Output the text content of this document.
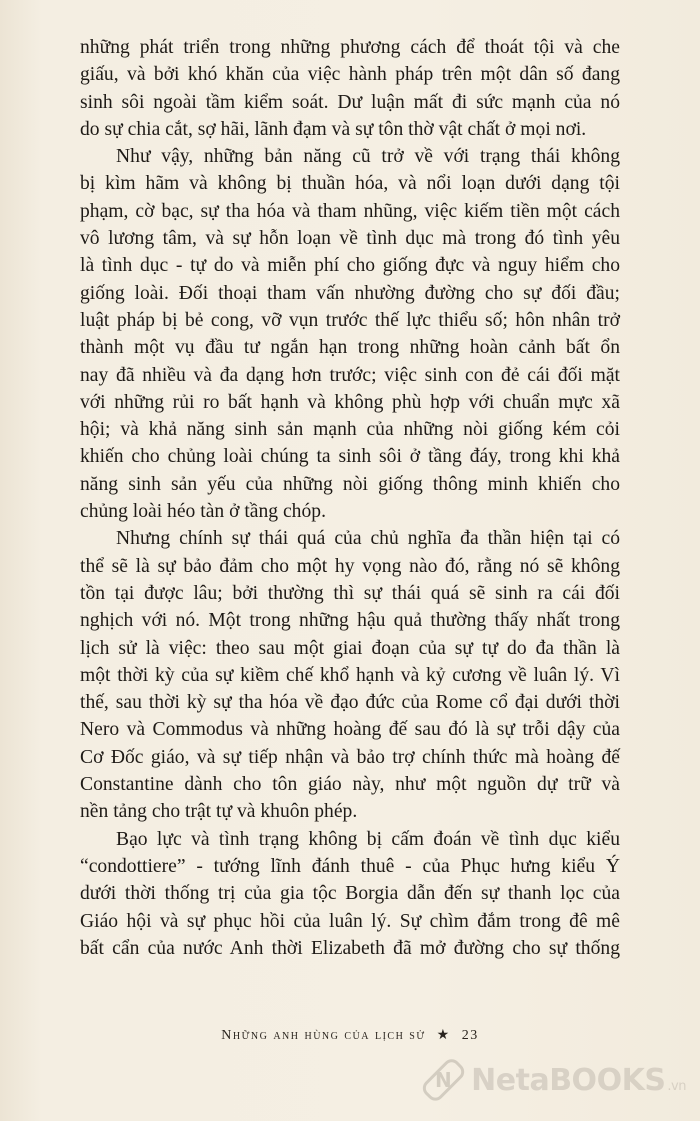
những phát triển trong những phương cách để thoát tội và che
giấu, và bởi khó khăn của việc hành pháp trên một dân số đang
sinh sôi ngoài tầm kiểm soát. Dư luận mất đi sức mạnh của nó
do sự chia cắt, sợ hãi, lãnh đạm và sự tôn thờ vật chất ở mọi nơi.
Như vậy, những bản năng cũ trở về với trạng thái không
bị kìm hãm và không bị thuần hóa, và nổi loạn dưới dạng tội
phạm, cờ bạc, sự tha hóa và tham nhũng, việc kiếm tiền một cách
vô lương tâm, và sự hỗn loạn về tình dục mà trong đó tình yêu
là tình dục - tự do và miễn phí cho giống đực và nguy hiểm cho
giống loài. Đối thoại tham vấn nhường đường cho sự đối đầu;
luật pháp bị bẻ cong, vỡ vụn trước thế lực thiểu số; hôn nhân trở
thành một vụ đầu tư ngắn hạn trong những hoàn cảnh bất ổn
nay đã nhiều và đa dạng hơn trước; việc sinh con đẻ cái đối mặt
với những rủi ro bất hạnh và không phù hợp với chuẩn mực xã
hội; và khả năng sinh sản mạnh của những nòi giống kém cỏi
khiến cho chủng loài chúng ta sinh sôi ở tầng đáy, trong khi khả
năng sinh sản yếu của những nòi giống thông minh khiến cho
chủng loài héo tàn ở tầng chóp.
Nhưng chính sự thái quá của chủ nghĩa đa thần hiện tại có
thể sẽ là sự bảo đảm cho một hy vọng nào đó, rằng nó sẽ không
tồn tại được lâu; bởi thường thì sự thái quá sẽ sinh ra cái đối
nghịch với nó. Một trong những hậu quả thường thấy nhất trong
lịch sử là việc: theo sau một giai đoạn của sự tự do đa thần là
một thời kỳ của sự kiềm chế khổ hạnh và kỷ cương về luân lý. Vì
thế, sau thời kỳ sự tha hóa về đạo đức của Rome cổ đại dưới thời
Nero và Commodus và những hoàng đế sau đó là sự trỗi dậy của
Cơ Đốc giáo, và sự tiếp nhận và bảo trợ chính thức mà hoàng đế
Constantine dành cho tôn giáo này, như một nguồn dự trữ và
nền tảng cho trật tự và khuôn phép.
Bạo lực và tình trạng không bị cấm đoán về tình dục kiểu
“condottiere” - tướng lĩnh đánh thuê - của Phục hưng kiểu Ý
dưới thời thống trị của gia tộc Borgia dẫn đến sự thanh lọc của
Giáo hội và sự phục hồi của luân lý. Sự chìm đắm trong đê mê
bất cẩn của nước Anh thời Elizabeth đã mở đường cho sự thống
Những anh hùng của lịch sử ★ 23
N NetaBOOKS .vn
